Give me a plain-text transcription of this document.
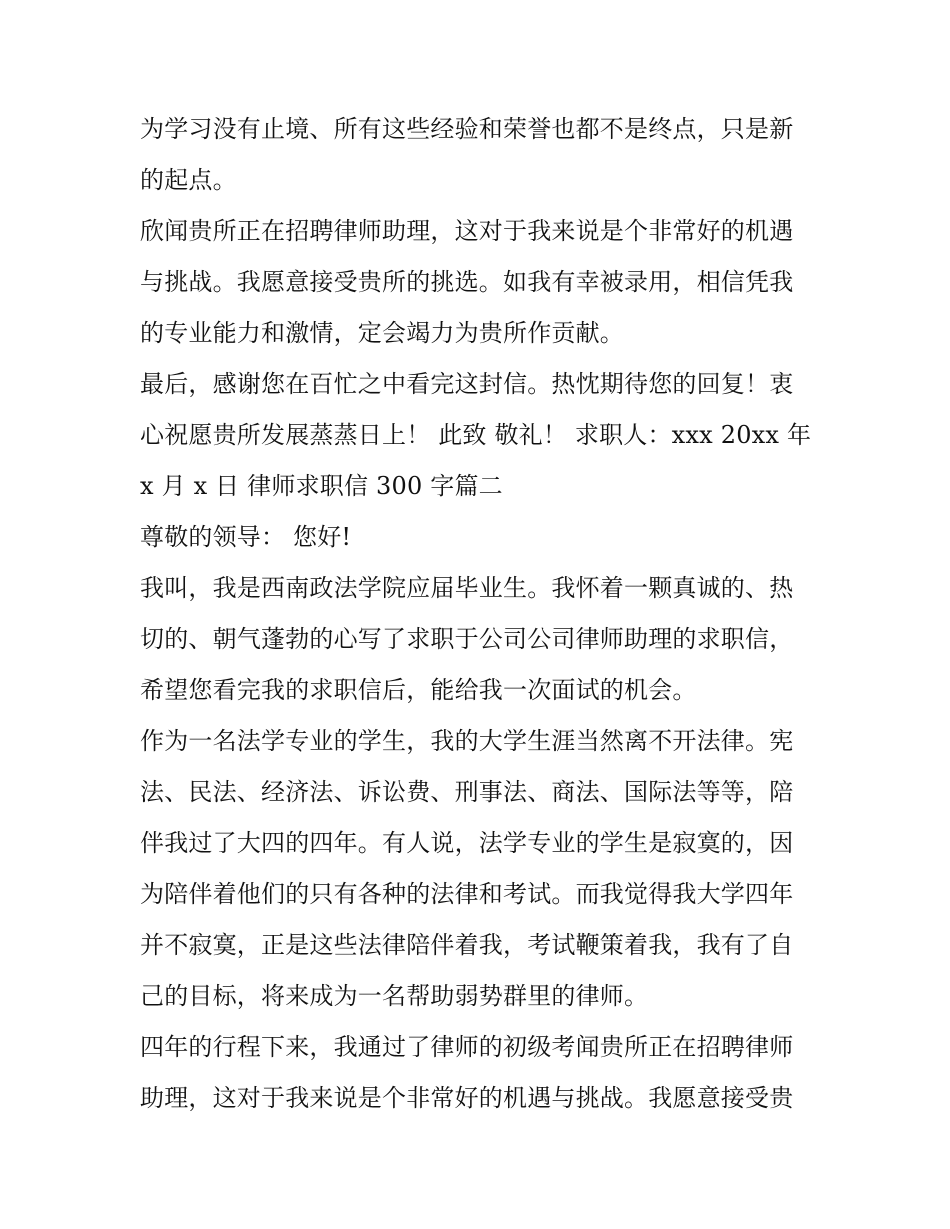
为学习没有止境、所有这些经验和荣誉也都不是终点，只是新
的起点。
欣闻贵所正在招聘律师助理，这对于我来说是个非常好的机遇
与挑战。我愿意接受贵所的挑选。如我有幸被录用，相信凭我
的专业能力和激情，定会竭力为贵所作贡献。
最后，感谢您在百忙之中看完这封信。热忱期待您的回复！衷
心祝愿贵所发展蒸蒸日上！ 此致 敬礼！ 求职人：xxx 20xx 年
x 月 x 日 律师求职信 300 字篇二
尊敬的领导： 您好!
我叫，我是西南政法学院应届毕业生。我怀着一颗真诚的、热
切的、朝气蓬勃的心写了求职于公司公司律师助理的求职信，
希望您看完我的求职信后，能给我一次面试的机会。
作为一名法学专业的学生，我的大学生涯当然离不开法律。宪
法、民法、经济法、诉讼费、刑事法、商法、国际法等等，陪
伴我过了大四的四年。有人说，法学专业的学生是寂寞的，因
为陪伴着他们的只有各种的法律和考试。而我觉得我大学四年
并不寂寞，正是这些法律陪伴着我，考试鞭策着我，我有了自
己的目标，将来成为一名帮助弱势群里的律师。
四年的行程下来，我通过了律师的初级考闻贵所正在招聘律师
助理，这对于我来说是个非常好的机遇与挑战。我愿意接受贵
